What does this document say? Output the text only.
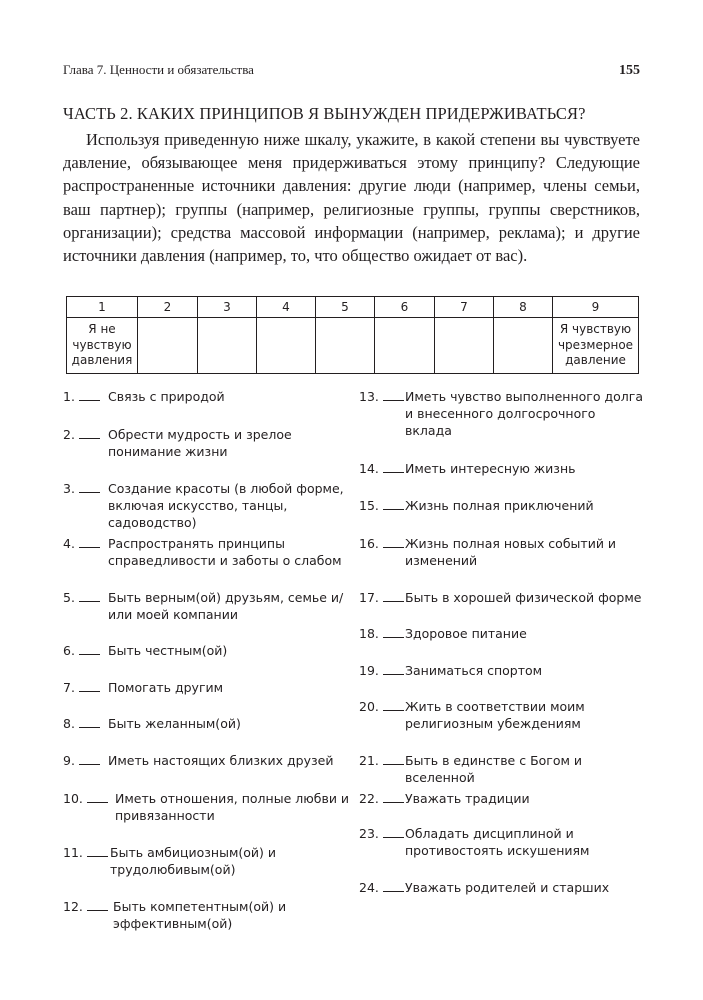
Глава 7. Ценности и обязательства	155
ЧАСТЬ 2. КАКИХ ПРИНЦИПОВ Я ВЫНУЖДЕН ПРИДЕРЖИВАТЬСЯ?
Используя приведенную ниже шкалу, укажите, в какой степени вы чувствуете давление, обязывающее меня придерживаться этому принципу? Следующие распространенные источники давления: другие люди (например, члены семьи, ваш партнер); группы (например, религиозные группы, группы сверстников, организации); средства массовой информации (например, реклама); и другие источники давления (например, то, что общество ожидает от вас).
1	2	3	4	5	6	7	8	9
Я не чувствую давления								Я чувствую чрезмерное давление
1.	Связь с природой
2.	Обрести мудрость и зрелое понимание жизни
3.	Создание красоты (в любой форме, включая искусство, танцы, садоводство)
4.	Распространять принципы справедливости и заботы о слабом
5.	Быть верным(ой) друзьям, семье и/или моей компании
6.	Быть честным(ой)
7.	Помогать другим
8.	Быть желанным(ой)
9.	Иметь настоящих близких друзей
10.	Иметь отношения, полные любви и привязанности
11.	Быть амбициозным(ой) и трудолюбивым(ой)
12.	Быть компетентным(ой) и эффективным(ой)
13.	Иметь чувство выполненного долга и внесенного долгосрочного вклада
14.	Иметь интересную жизнь
15.	Жизнь полная приключений
16.	Жизнь полная новых событий и изменений
17.	Быть в хорошей физической форме
18.	Здоровое питание
19.	Заниматься спортом
20.	Жить в соответствии моим религиозным убеждениям
21.	Быть в единстве с Богом и вселенной
22.	Уважать традиции
23.	Обладать дисциплиной и противостоять искушениям
24.	Уважать родителей и старших
